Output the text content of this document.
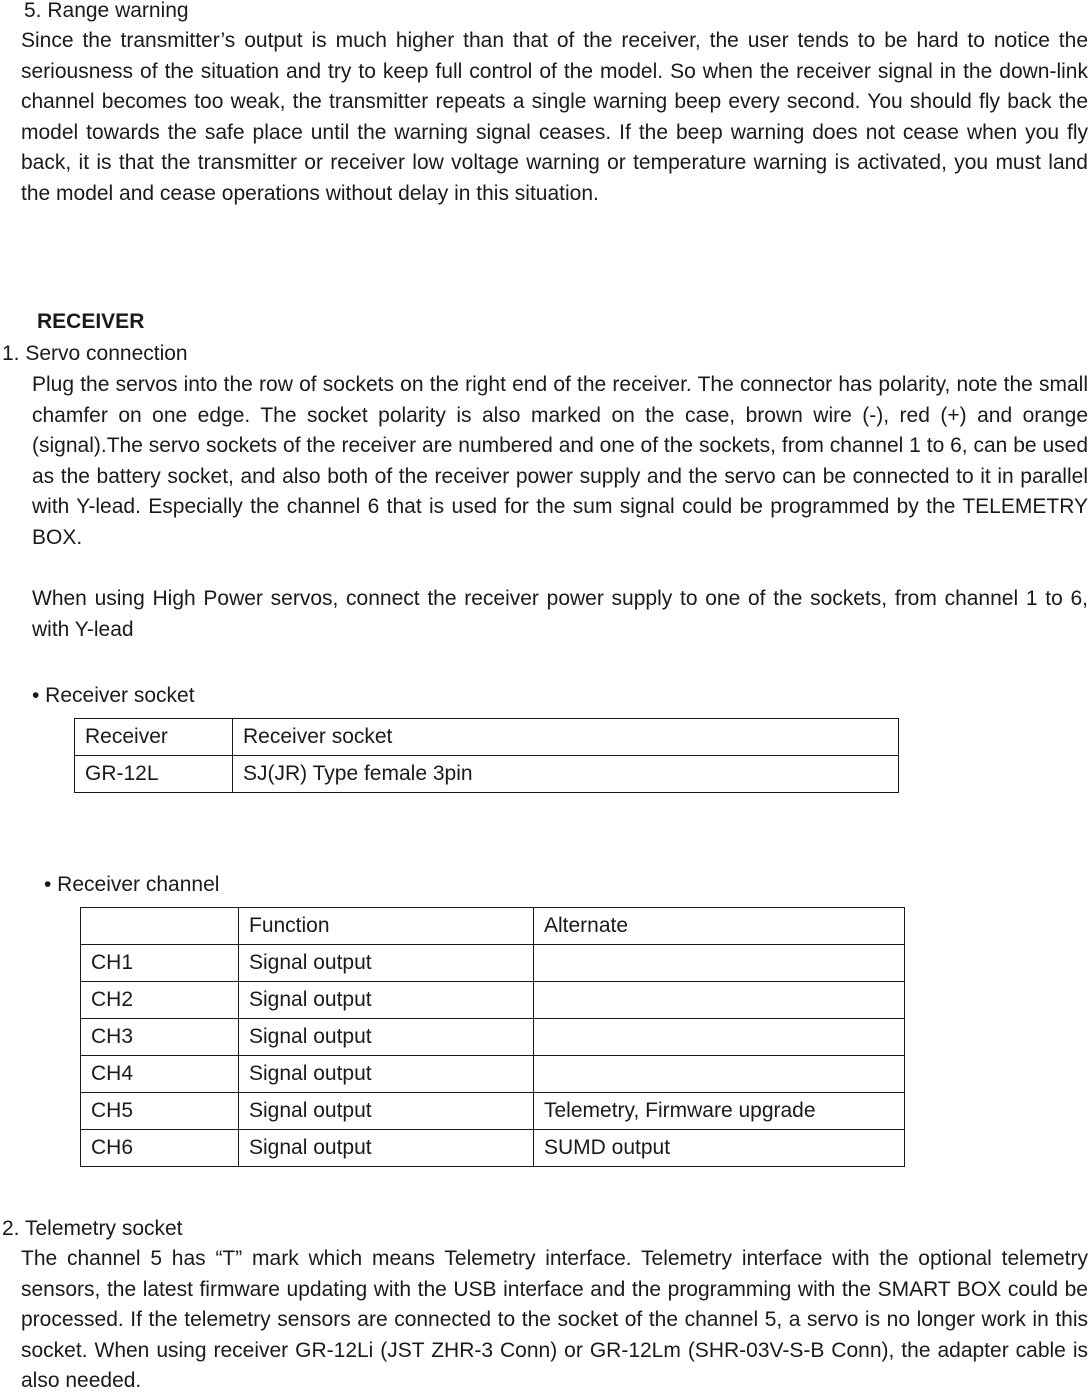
5. Range warning
Since the transmitter’s output is much higher than that of the receiver, the user tends to be hard to notice the seriousness of the situation and try to keep full control of the model. So when the receiver signal in the down-link channel becomes too weak, the transmitter repeats a single warning beep every second. You should fly back the model towards the safe place until the warning signal ceases. If the beep warning does not cease when you fly back, it is that the transmitter or receiver low voltage warning or temperature warning is activated, you must land the model and cease operations without delay in this situation.
RECEIVER
1. Servo connection
Plug the servos into the row of sockets on the right end of the receiver. The connector has polarity, note the small chamfer on one edge. The socket polarity is also marked on the case, brown wire (-), red (+) and orange (signal).The servo sockets of the receiver are numbered and one of the sockets, from channel 1 to 6, can be used as the battery socket, and also both of the receiver power supply and the servo can be connected to it in parallel with Y-lead. Especially the channel 6 that is used for the sum signal could be programmed by the TELEMETRY BOX.
When using High Power servos, connect the receiver power supply to one of the sockets, from channel 1 to 6, with Y-lead
• Receiver socket
Receiver	Receiver socket
GR-12L	SJ(JR) Type female 3pin
• Receiver channel
	Function	Alternate
CH1	Signal output	
CH2	Signal output	
CH3	Signal output	
CH4	Signal output	
CH5	Signal output	Telemetry, Firmware upgrade
CH6	Signal output	SUMD output
2. Telemetry socket
The channel 5 has “T” mark which means Telemetry interface. Telemetry interface with the optional telemetry sensors, the latest firmware updating with the USB interface and the programming with the SMART BOX could be processed. If the telemetry sensors are connected to the socket of the channel 5, a servo is no longer work in this socket. When using receiver GR-12Li (JST ZHR-3 Conn) or GR-12Lm (SHR-03V-S-B Conn), the adapter cable is also needed.
